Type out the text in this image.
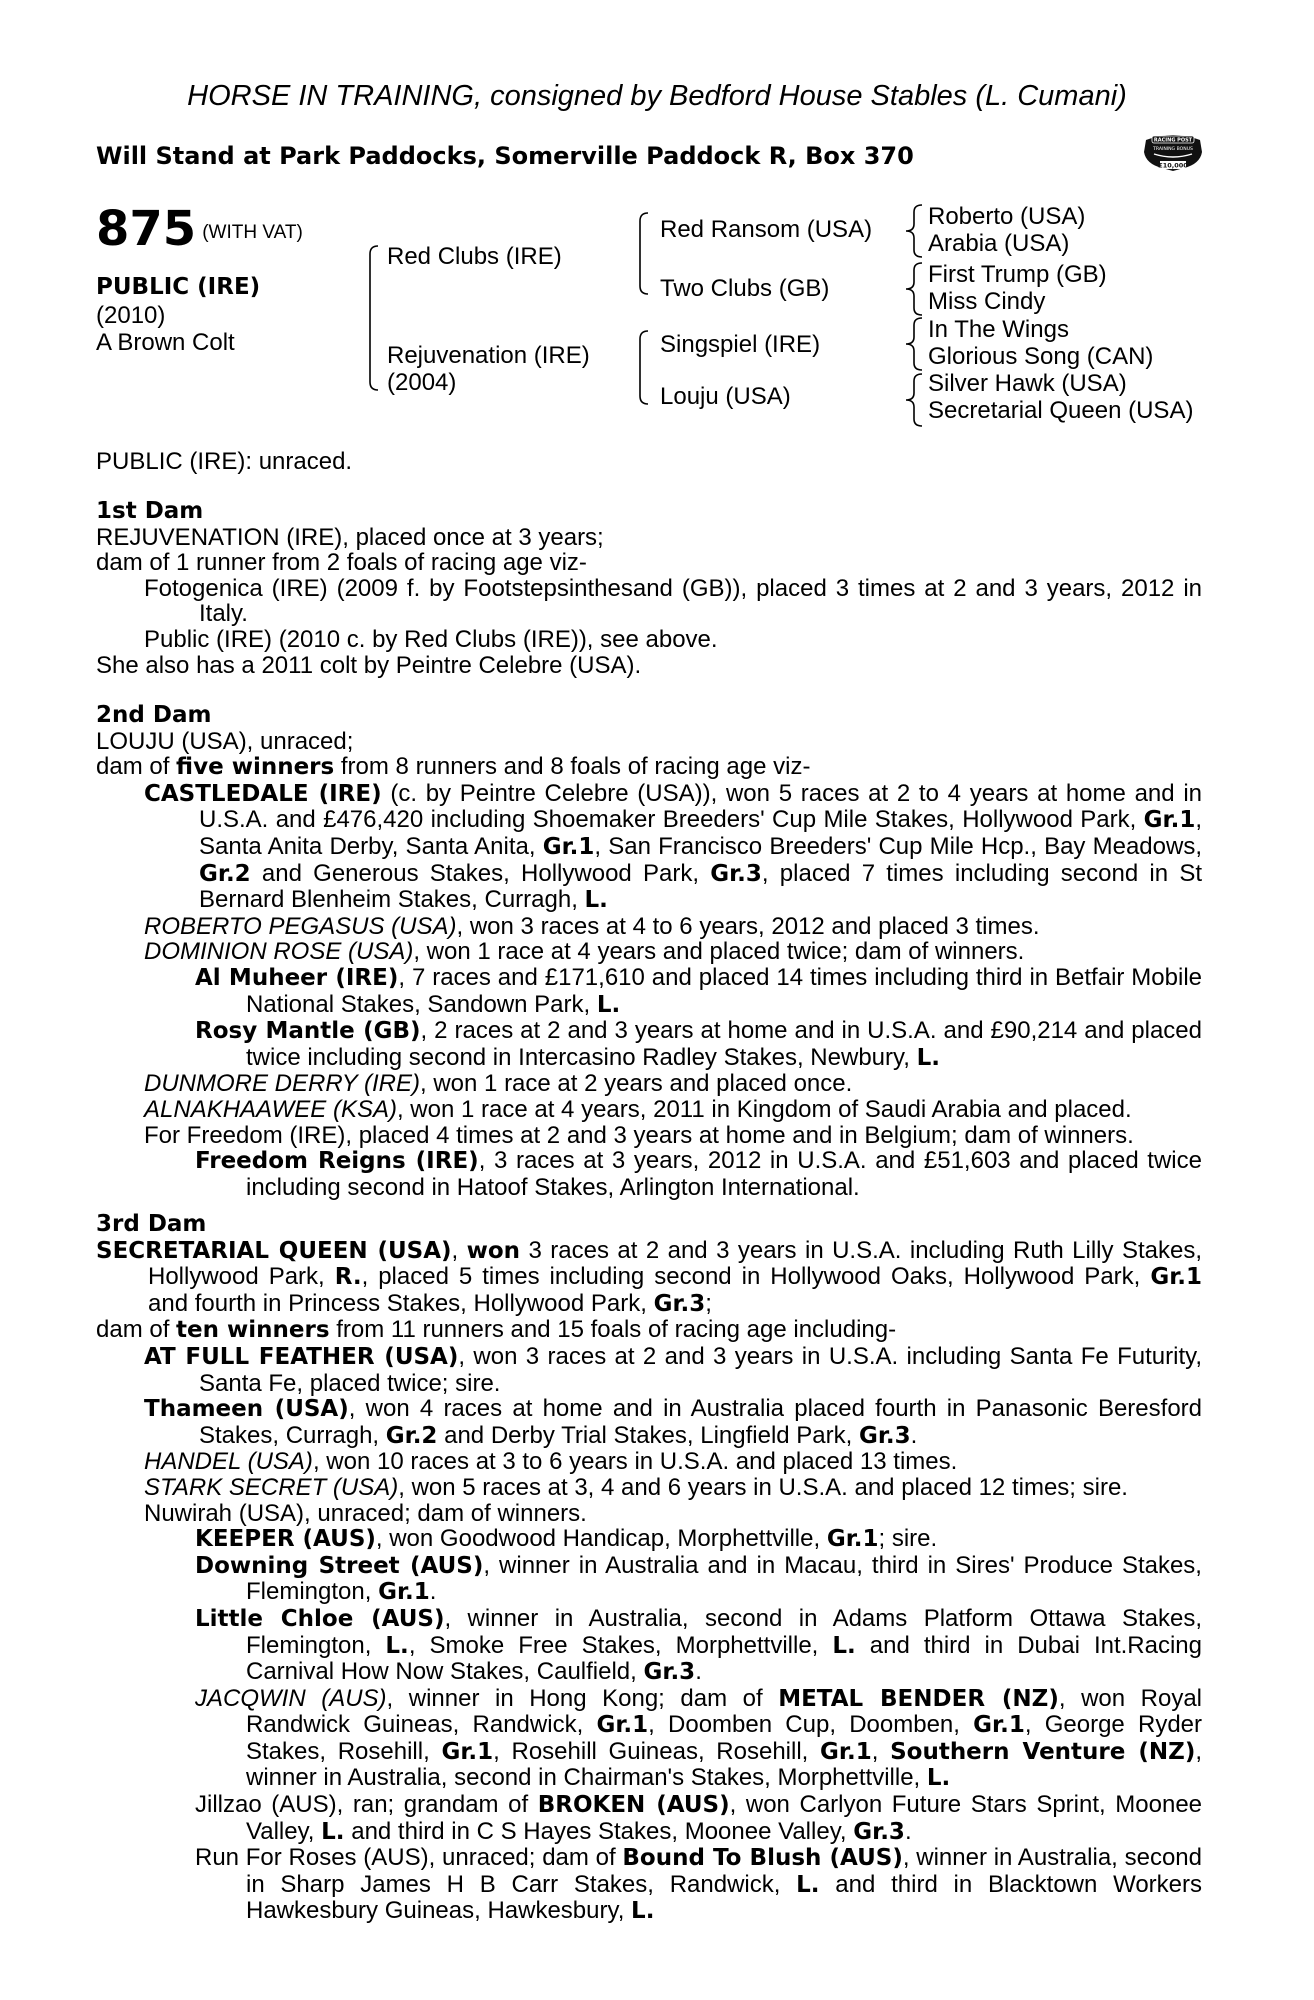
HORSE IN TRAINING, consigned by Bedford House Stables (L. Cumani)
Will Stand at Park Paddocks, Somerville Paddock R, Box 370
RACING POST
TRAINING BONUS
£10,000
875 (WITH VAT)
PUBLIC (IRE)
(2010)
A Brown Colt
Red Clubs (IRE)
Rejuvenation (IRE)
(2004)
Red Ransom (USA)
Two Clubs (GB)
Singspiel (IRE)
Louju (USA)
Roberto (USA)
Arabia (USA)
First Trump (GB)
Miss Cindy
In The Wings
Glorious Song (CAN)
Silver Hawk (USA)
Secretarial Queen (USA)
PUBLIC (IRE): unraced.
1st Dam
REJUVENATION (IRE), placed once at 3 years;
dam of 1 runner from 2 foals of racing age viz-
Fotogenica (IRE) (2009 f. by Footstepsinthesand (GB)), placed 3 times at 2 and 3 years, 2012 in Italy.
Public (IRE) (2010 c. by Red Clubs (IRE)), see above.
She also has a 2011 colt by Peintre Celebre (USA).
2nd Dam
LOUJU (USA), unraced;
dam of five winners from 8 runners and 8 foals of racing age viz-
CASTLEDALE (IRE) (c. by Peintre Celebre (USA)), won 5 races at 2 to 4 years at home and in U.S.A. and £476,420 including Shoemaker Breeders' Cup Mile Stakes, Hollywood Park, Gr.1, Santa Anita Derby, Santa Anita, Gr.1, San Francisco Breeders' Cup Mile Hcp., Bay Meadows, Gr.2 and Generous Stakes, Hollywood Park, Gr.3, placed 7 times including second in St Bernard Blenheim Stakes, Curragh, L.
ROBERTO PEGASUS (USA), won 3 races at 4 to 6 years, 2012 and placed 3 times.
DOMINION ROSE (USA), won 1 race at 4 years and placed twice; dam of winners.
Al Muheer (IRE), 7 races and £171,610 and placed 14 times including third in Betfair Mobile National Stakes, Sandown Park, L.
Rosy Mantle (GB), 2 races at 2 and 3 years at home and in U.S.A. and £90,214 and placed twice including second in Intercasino Radley Stakes, Newbury, L.
DUNMORE DERRY (IRE), won 1 race at 2 years and placed once.
ALNAKHAAWEE (KSA), won 1 race at 4 years, 2011 in Kingdom of Saudi Arabia and placed.
For Freedom (IRE), placed 4 times at 2 and 3 years at home and in Belgium; dam of winners.
Freedom Reigns (IRE), 3 races at 3 years, 2012 in U.S.A. and £51,603 and placed twice including second in Hatoof Stakes, Arlington International.
3rd Dam
SECRETARIAL QUEEN (USA), won 3 races at 2 and 3 years in U.S.A. including Ruth Lilly Stakes, Hollywood Park, R., placed 5 times including second in Hollywood Oaks, Hollywood Park, Gr.1 and fourth in Princess Stakes, Hollywood Park, Gr.3;
dam of ten winners from 11 runners and 15 foals of racing age including-
AT FULL FEATHER (USA), won 3 races at 2 and 3 years in U.S.A. including Santa Fe Futurity, Santa Fe, placed twice; sire.
Thameen (USA), won 4 races at home and in Australia placed fourth in Panasonic Beresford Stakes, Curragh, Gr.2 and Derby Trial Stakes, Lingfield Park, Gr.3.
HANDEL (USA), won 10 races at 3 to 6 years in U.S.A. and placed 13 times.
STARK SECRET (USA), won 5 races at 3, 4 and 6 years in U.S.A. and placed 12 times; sire.
Nuwirah (USA), unraced; dam of winners.
KEEPER (AUS), won Goodwood Handicap, Morphettville, Gr.1; sire.
Downing Street (AUS), winner in Australia and in Macau, third in Sires' Produce Stakes, Flemington, Gr.1.
Little Chloe (AUS), winner in Australia, second in Adams Platform Ottawa Stakes, Flemington, L., Smoke Free Stakes, Morphettville, L. and third in Dubai Int.Racing Carnival How Now Stakes, Caulfield, Gr.3.
JACQWIN (AUS), winner in Hong Kong; dam of METAL BENDER (NZ), won Royal Randwick Guineas, Randwick, Gr.1, Doomben Cup, Doomben, Gr.1, George Ryder Stakes, Rosehill, Gr.1, Rosehill Guineas, Rosehill, Gr.1, Southern Venture (NZ), winner in Australia, second in Chairman's Stakes, Morphettville, L.
Jillzao (AUS), ran; grandam of BROKEN (AUS), won Carlyon Future Stars Sprint, Moonee Valley, L. and third in C S Hayes Stakes, Moonee Valley, Gr.3.
Run For Roses (AUS), unraced; dam of Bound To Blush (AUS), winner in Australia, second in Sharp James H B Carr Stakes, Randwick, L. and third in Blacktown Workers Hawkesbury Guineas, Hawkesbury, L.
